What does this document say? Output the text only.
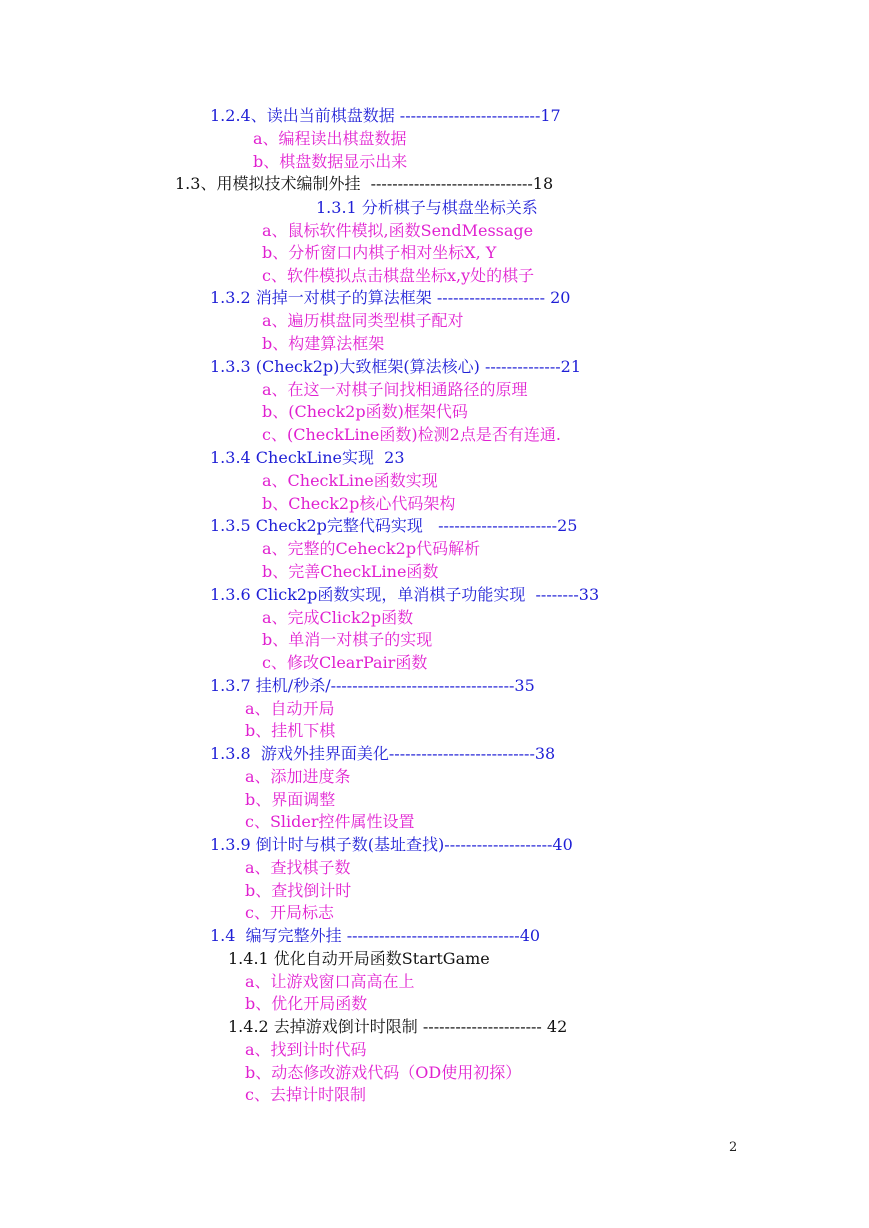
1.2.4、读出当前棋盘数据 --------------------------17
a、编程读出棋盘数据
b、棋盘数据显示出来
1.3、用模拟技术编制外挂  ------------------------------18
1.3.1 分析棋子与棋盘坐标关系
a、鼠标软件模拟,函数SendMessage
b、分析窗口内棋子相对坐标X, Y
c、软件模拟点击棋盘坐标x,y处的棋子
1.3.2 消掉一对棋子的算法框架 -------------------- 20
a、遍历棋盘同类型棋子配对
b、构建算法框架
1.3.3 (Check2p)大致框架(算法核心) --------------21
a、在这一对棋子间找相通路径的原理
b、(Check2p函数)框架代码
c、(CheckLine函数)检测2点是否有连通.
1.3.4 CheckLine实现  23
a、CheckLine函数实现
b、Check2p核心代码架构
1.3.5 Check2p完整代码实现   ----------------------25
a、完整的Ceheck2p代码解析
b、完善CheckLine函数
1.3.6 Click2p函数实现，单消棋子功能实现  --------33
a、完成Click2p函数
b、单消一对棋子的实现
c、修改ClearPair函数
1.3.7 挂机/秒杀/----------------------------------35
a、自动开局
b、挂机下棋
1.3.8  游戏外挂界面美化---------------------------38
a、添加进度条
b、界面调整
c、Slider控件属性设置
1.3.9 倒计时与棋子数(基址查找)--------------------40
a、查找棋子数
b、查找倒计时
c、开局标志
1.4  编写完整外挂 --------------------------------40
1.4.1 优化自动开局函数StartGame
a、让游戏窗口高高在上
b、优化开局函数
1.4.2 去掉游戏倒计时限制 ---------------------- 42
a、找到计时代码
b、动态修改游戏代码（OD使用初探）
c、去掉计时限制
2
